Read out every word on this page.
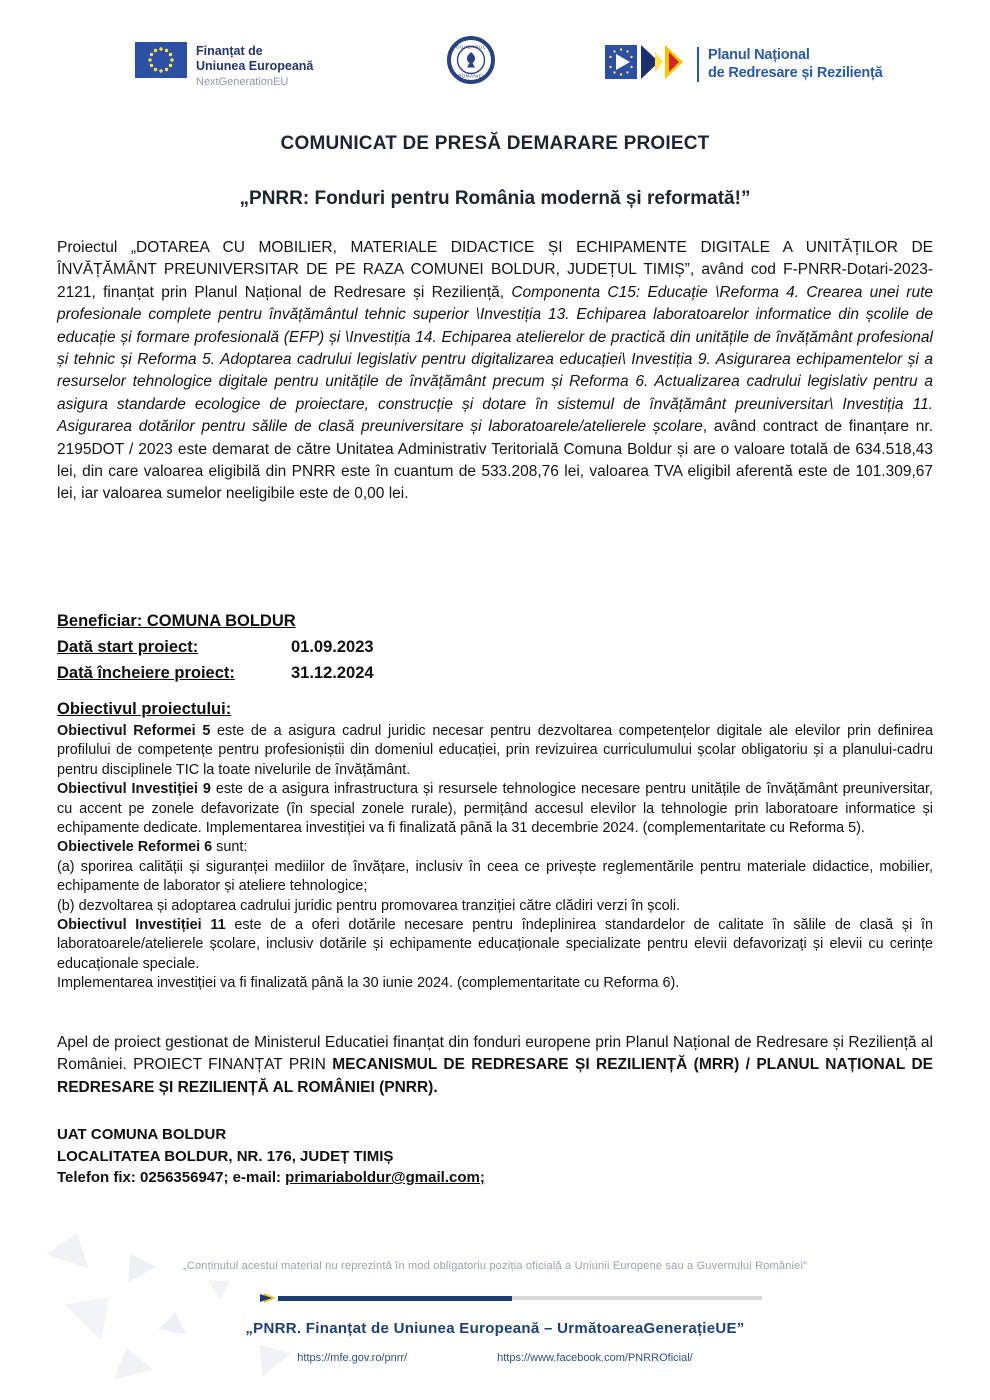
Finanțat de
Uniunea Europeană
NextGenerationEU
GUVERNUL
ROMÂNIEI
Planul Național
de Redresare și Reziliență
COMUNICAT DE PRESĂ DEMARARE PROIECT
„PNRR: Fonduri pentru România modernă și reformată!”
Proiectul „DOTAREA CU MOBILIER, MATERIALE DIDACTICE ȘI ECHIPAMENTE DIGITALE A UNITĂȚILOR DE ÎNVĂȚĂMÂNT PREUNIVERSITAR DE PE RAZA COMUNEI BOLDUR, JUDEȚUL TIMIȘ”, având cod F-PNRR-Dotari-2023-2121, finanțat prin Planul Național de Redresare și Reziliență, Componenta C15: Educație \Reforma 4. Crearea unei rute profesionale complete pentru învățământul tehnic superior \Investiția 13. Echiparea laboratoarelor informatice din școlile de educație și formare profesională (EFP) și \Investiția 14. Echiparea atelierelor de practică din unitățile de învățământ profesional și tehnic și Reforma 5. Adoptarea cadrului legislativ pentru digitalizarea educației\ Investiția 9. Asigurarea echipamentelor și a resurselor tehnologice digitale pentru unitățile de învățământ precum și Reforma 6. Actualizarea cadrului legislativ pentru a asigura standarde ecologice de proiectare, construcție și dotare în sistemul de învățământ preuniversitar\ Investiția 11. Asigurarea dotărilor pentru sălile de clasă preuniversitare și laboratoarele/atelierele școlare, având contract de finanțare nr. 2195DOT / 2023 este demarat de către Unitatea Administrativ Teritorială Comuna Boldur și are o valoare totală de 634.518,43 lei, din care valoarea eligibilă din PNRR este în cuantum de 533.208,76 lei, valoarea TVA eligibil aferentă este de 101.309,67 lei, iar valoarea sumelor neeligibile este de 0,00 lei.
Beneficiar: COMUNA BOLDUR
Dată start proiect:	01.09.2023
Dată încheiere proiect:	31.12.2024
Obiectivul proiectului:

Obiectivul Reformei 5 este de a asigura cadrul juridic necesar pentru dezvoltarea competențelor digitale ale elevilor prin definirea profilului de competențe pentru profesioniștii din domeniul educației, prin revizuirea curriculumului școlar obligatoriu și a planului-cadru pentru disciplinele TIC la toate nivelurile de învățământ.

Obiectivul Investiției 9 este de a asigura infrastructura și resursele tehnologice necesare pentru unitățile de învățământ preuniversitar, cu accent pe zonele defavorizate (în special zonele rurale), permițând accesul elevilor la tehnologie prin laboratoare informatice și echipamente dedicate. Implementarea investiției va fi finalizată până la 31 decembrie 2024. (complementaritate cu Reforma 5).

Obiectivele Reformei 6 sunt:

(a) sporirea calității și siguranței mediilor de învățare, inclusiv în ceea ce privește reglementările pentru materiale didactice, mobilier, echipamente de laborator și ateliere tehnologice;

(b) dezvoltarea și adoptarea cadrului juridic pentru promovarea tranziției către clădiri verzi în școli.

Obiectivul Investiției 11 este de a oferi dotările necesare pentru îndeplinirea standardelor de calitate în sălile de clasă și în laboratoarele/atelierele școlare, inclusiv dotările și echipamente educaționale specializate pentru elevii defavorizați și elevii cu cerințe educaționale speciale.

Implementarea investiției va fi finalizată până la 30 iunie 2024. (complementaritate cu Reforma 6).

Apel de proiect gestionat de Ministerul Educatiei finanțat din fonduri europene prin Planul Național de Redresare și Reziliență al României. PROIECT FINANȚAT PRIN MECANISMUL DE REDRESARE ȘI REZILIENȚĂ (MRR) / PLANUL NAȚIONAL DE REDRESARE ȘI REZILIENȚĂ AL ROMÂNIEI (PNRR).
UAT COMUNA BOLDUR
LOCALITATEA BOLDUR, NR. 176, JUDEȚ TIMIȘ
Telefon fix: 0256356947; e-mail: primariaboldur@gmail.com;
„Conținutul acestui material nu reprezintă în mod obligatoriu poziția oficială a Uniunii Europene sau a Guvernului României”
„PNRR. Finanțat de Uniunea Europeană – UrmătoareaGenerațieUE”
https://mfe.gov.ro/pnrr/	https://www.facebook.com/PNRROficial/
